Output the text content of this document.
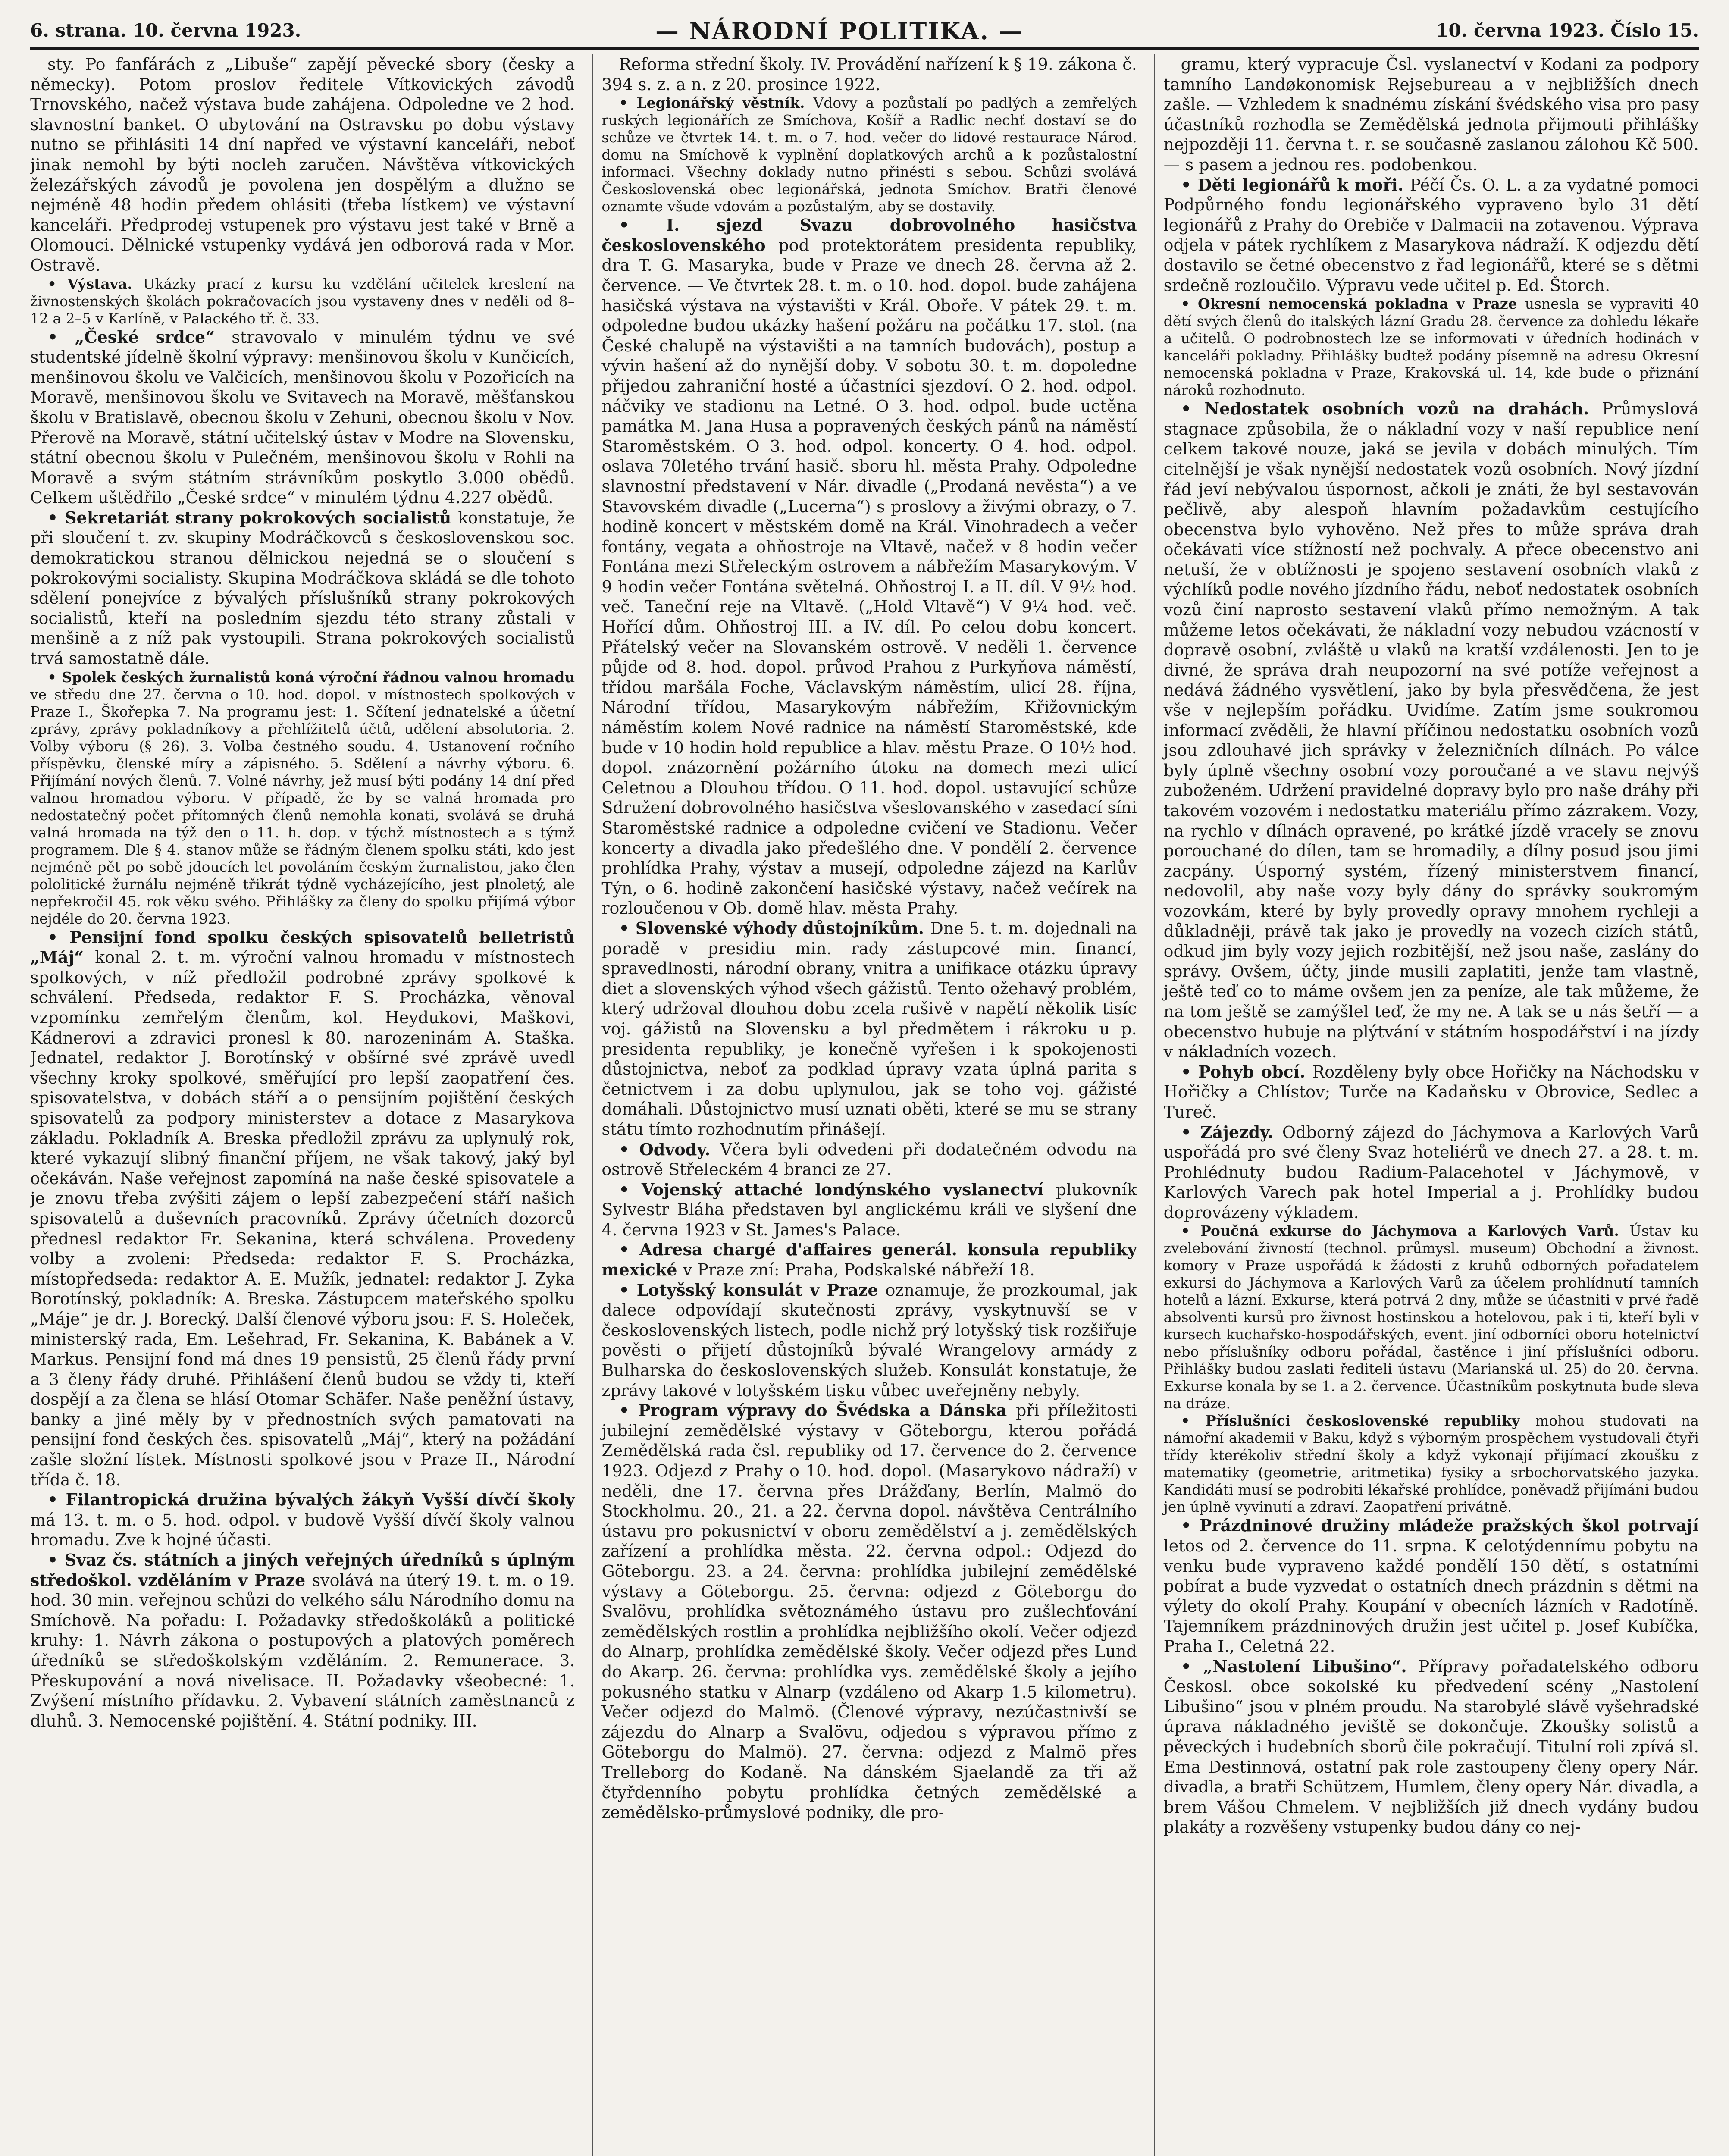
6. strana. 10. června 1923.	— NÁRODNÍ POLITIKA. —	10. června 1923. Číslo 15.

sty. Po fanfárách z „Libuše“ zapějí pěvecké sbory (česky a německy). Potom proslov ředitele Vítkovických závodů Trnovského, načež výstava bude zahájena. Odpoledne ve 2 hod. slavnostní banket. O ubytování na Ostravsku po dobu výstavy nutno se přihlásiti 14 dní napřed ve výstavní kanceláři, neboť jinak nemohl by býti nocleh zaručen. Návštěva vítkovických železářských závodů je povolena jen dospělým a dlužno se nejméně 48 hodin předem ohlásiti (třeba lístkem) ve výstavní kanceláři. Předprodej vstupenek pro výstavu jest také v Brně a Olomouci. Dělnické vstupenky vydává jen odborová rada v Mor. Ostravě.

• Výstava. Ukázky prací z kursu ku vzdělání učitelek kreslení na živnostenských školách pokračovacích jsou vystaveny dnes v neděli od 8–12 a 2–5 v Karlíně, v Palackého tř. č. 33.

• „České srdce“ stravovalo v minulém týdnu ve své studentské jídelně školní výpravy: menšinovou školu v Kunčicích, menšinovou školu ve Valčicích, menšinovou školu v Pozořicích na Moravě, menšinovou školu ve Svitavech na Moravě, měšťanskou školu v Bratislavě, obecnou školu v Zehuni, obecnou školu v Nov. Přerově na Moravě, státní učitelský ústav v Modre na Slovensku, státní obecnou školu v Pulečném, menšinovou školu v Rohli na Moravě a svým státním strávníkům poskytlo 3.000 obědů. Celkem uštědřilo „České srdce“ v minulém týdnu 4.227 obědů.

• Sekretariát strany pokrokových socialistů konstatuje, že při sloučení t. zv. skupiny Modráčkovců s československou soc. demokratickou stranou dělnickou nejedná se o sloučení s pokrokovými socialisty. Skupina Modráčkova skládá se dle tohoto sdělení ponejvíce z bývalých příslušníků strany pokrokových socialistů, kteří na posledním sjezdu této strany zůstali v menšině a z níž pak vystoupili. Strana pokrokových socialistů trvá samostatně dále.

• Spolek českých žurnalistů koná výroční řádnou valnou hromadu ve středu dne 27. června o 10. hod. dopol. v místnostech spolkových v Praze I., Škořepka 7. Na programu jest: 1. Sčítení jednatelské a účetní zprávy, zprávy pokladníkovy a přehlížitelů účtů, udělení absolutoria. 2. Volby výboru (§ 26). 3. Volba čestného soudu. 4. Ustanovení ročního příspěvku, členské míry a zápisného. 5. Sdělení a návrhy výboru. 6. Přijímání nových členů. 7. Volné návrhy, jež musí býti podány 14 dní před valnou hromadou výboru. V případě, že by se valná hromada pro nedostatečný počet přítomných členů nemohla konati, svolává se druhá valná hromada na týž den o 11. h. dop. v týchž místnostech a s týmž programem. Dle § 4. stanov může se řádným členem spolku státi, kdo jest nejméně pět po sobě jdoucích let povoláním českým žurnalistou, jako člen pololitické žurnálu nejméně třikrát týdně vycházejícího, jest plnoletý, ale nepřekročil 45. rok věku svého. Přihlášky za členy do spolku přijímá výbor nejdéle do 20. června 1923.

• Pensijní fond spolku českých spisovatelů belletristů „Máj“ konal 2. t. m. výroční valnou hromadu v místnostech spolkových, v níž předložil podrobné zprávy spolkové k schválení. Předseda, redaktor F. S. Procházka, věnoval vzpomínku zemřelým členům, kol. Heydukovi, Maškovi, Kádnerovi a zdravici pronesl k 80. narozeninám A. Staška. Jednatel, redaktor J. Borotínský v obšírné své zprávě uvedl všechny kroky spolkové, směřující pro lepší zaopatření čes. spisovatelstva, v dobách stáří a o pensijním pojištění českých spisovatelů za podpory ministerstev a dotace z Masarykova základu. Pokladník A. Breska předložil zprávu za uplynulý rok, které vykazují slibný finanční příjem, ne však takový, jaký byl očekáván. Naše veřejnost zapomíná na naše české spisovatele a je znovu třeba zvýšiti zájem o lepší zabezpečení stáří našich spisovatelů a duševních pracovníků. Zprávy účetních dozorců přednesl redaktor Fr. Sekanina, která schválena. Provedeny volby a zvoleni: Předseda: redaktor F. S. Procházka, místopředseda: redaktor A. E. Mužík, jednatel: redaktor J. Zyka Borotínský, pokladník: A. Breska. Zástupcem mateřského spolku „Máje“ je dr. J. Borecký. Další členové výboru jsou: F. S. Holeček, ministerský rada, Em. Lešehrad, Fr. Sekanina, K. Babánek a V. Markus. Pensijní fond má dnes 19 pensistů, 25 členů řády první a 3 členy řády druhé. Přihlášení členů budou se vždy ti, kteří dospějí a za člena se hlásí Otomar Schäfer. Naše peněžní ústavy, banky a jiné měly by v přednostních svých pamatovati na pensijní fond českých čes. spisovatelů „Máj“, který na požádání zašle složní lístek. Místnosti spolkové jsou v Praze II., Národní třída č. 18.

• Filantropická družina bývalých žákyň Vyšší dívčí školy má 13. t. m. o 5. hod. odpol. v budově Vyšší dívčí školy valnou hromadu. Zve k hojné účasti.

• Svaz čs. státních a jiných veřejných úředníků s úplným středoškol. vzděláním v Praze svolává na úterý 19. t. m. o 19. hod. 30 min. veřejnou schůzi do velkého sálu Národního domu na Smíchově. Na pořadu: I. Požadavky středoškoláků a politické kruhy: 1. Návrh zákona o postupových a platových poměrech úředníků se středoškolským vzděláním. 2. Remunerace. 3. Přeskupování a nová nivelisace. II. Požadavky všeobecné: 1. Zvýšení místního přídavku. 2. Vybavení státních zaměstnanců z dluhů. 3. Nemocenské pojištění. 4. Státní podniky. III.

Reforma střední školy. IV. Provádění nařízení k § 19. zákona č. 394 s. z. a n. z 20. prosince 1922.

• Legionářský věstník. Vdovy a pozůstalí po padlých a zemřelých ruských legionářích ze Smíchova, Košíř a Radlic nechť dostaví se do schůze ve čtvrtek 14. t. m. o 7. hod. večer do lidové restaurace Národ. domu na Smíchově k vyplnění doplatkových archů a k pozůstalostní informaci. Všechny doklady nutno přinésti s sebou. Schůzi svolává Československá obec legionářská, jednota Smíchov. Bratři členové oznamte všude vdovám a pozůstalým, aby se dostavily.

• I. sjezd Svazu dobrovolného hasičstva československého pod protektorátem presidenta republiky, dra T. G. Masaryka, bude v Praze ve dnech 28. června až 2. července. — Ve čtvrtek 28. t. m. o 10. hod. dopol. bude zahájena hasičská výstava na výstavišti v Král. Oboře. V pátek 29. t. m. odpoledne budou ukázky hašení požáru na počátku 17. stol. (na České chalupě na výstavišti a na tamních budovách), postup a vývin hašení až do nynější doby. V sobotu 30. t. m. dopoledne přijedou zahraniční hosté a účastníci sjezdoví. O 2. hod. odpol. náčviky ve stadionu na Letné. O 3. hod. odpol. bude uctěna památka M. Jana Husa a popravených českých pánů na náměstí Staroměstském. O 3. hod. odpol. koncerty. O 4. hod. odpol. oslava 70letého trvání hasič. sboru hl. města Prahy. Odpoledne slavnostní představení v Nár. divadle („Prodaná nevěsta“) a ve Stavovském divadle („Lucerna“) s proslovy a živými obrazy, o 7. hodině koncert v městském domě na Král. Vinohradech a večer fontány, vegata a ohňostroje na Vltavě, načež v 8 hodin večer Fontána mezi Střeleckým ostrovem a nábřežím Masarykovým. V 9 hodin večer Fontána světelná. Ohňostroj I. a II. díl. V 9½ hod. več. Taneční reje na Vltavě. („Hold Vltavě“) V 9¼ hod. več. Hořící dům. Ohňostroj III. a IV. díl. Po celou dobu koncert. Přátelský večer na Slovanském ostrově. V neděli 1. července půjde od 8. hod. dopol. průvod Prahou z Purkyňova náměstí, třídou maršála Foche, Václavským náměstím, ulicí 28. října, Národní třídou, Masarykovým nábřežím, Křižovnickým náměstím kolem Nové radnice na náměstí Staroměstské, kde bude v 10 hodin hold republice a hlav. městu Praze. O 10½ hod. dopol. znázornění požárního útoku na domech mezi ulicí Celetnou a Dlouhou třídou. O 11. hod. dopol. ustavující schůze Sdružení dobrovolného hasičstva všeslovanského v zasedací síni Staroměstské radnice a odpoledne cvičení ve Stadionu. Večer koncerty a divadla jako předešlého dne. V pondělí 2. července prohlídka Prahy, výstav a musejí, odpoledne zájezd na Karlův Týn, o 6. hodině zakončení hasičské výstavy, načež večírek na rozloučenou v Ob. domě hlav. města Prahy.

• Slovenské výhody důstojníkům. Dne 5. t. m. dojednali na poradě v presidiu min. rady zástupcové min. financí, spravedlnosti, národní obrany, vnitra a unifikace otázku úpravy diet a slovenských výhod všech gážistů. Tento ožehavý problém, který udržoval dlouhou dobu zcela rušivě v napětí několik tisíc voj. gážistů na Slovensku a byl předmětem i rákroku u p. presidenta republiky, je konečně vyřešen i k spokojenosti důstojnictva, neboť za podklad úpravy vzata úplná parita s četnictvem i za dobu uplynulou, jak se toho voj. gážisté domáhali. Důstojnictvo musí uznati oběti, které se mu se strany státu tímto rozhodnutím přinášejí.

• Odvody. Včera byli odvedeni při dodatečném odvodu na ostrově Střeleckém 4 branci ze 27.

• Vojenský attaché londýnského vyslanectví plukovník Sylvestr Bláha představen byl anglickému králi ve slyšení dne 4. června 1923 v St. James's Palace.

• Adresa chargé d'affaires generál. konsula republiky mexické v Praze zní: Praha, Podskalské nábřeží 18.

• Lotyšský konsulát v Praze oznamuje, že prozkoumal, jak dalece odpovídají skutečnosti zprávy, vyskytnuvší se v československých listech, podle nichž prý lotyšský tisk rozšiřuje pověsti o přijetí důstojníků bývalé Wrangelovy armády z Bulharska do československých služeb. Konsulát konstatuje, že zprávy takové v lotyšském tisku vůbec uveřejněny nebyly.

• Program výpravy do Švédska a Dánska při příležitosti jubilejní zemědělské výstavy v Göteborgu, kterou pořádá Zemědělská rada čsl. republiky od 17. července do 2. července 1923. Odjezd z Prahy o 10. hod. dopol. (Masarykovo nádraží) v neděli, dne 17. června přes Drážďany, Berlín, Malmö do Stockholmu. 20., 21. a 22. června dopol. návštěva Centrálního ústavu pro pokusnictví v oboru zemědělství a j. zemědělských zařízení a prohlídka města. 22. června odpol.: Odjezd do Göteborgu. 23. a 24. června: prohlídka jubilejní zemědělské výstavy a Göteborgu. 25. června: odjezd z Göteborgu do Svalövu, prohlídka světoznámého ústavu pro zušlechťování zemědělských rostlin a prohlídka nejbližšího okolí. Večer odjezd do Alnarp, prohlídka zemědělské školy. Večer odjezd přes Lund do Akarp. 26. června: prohlídka vys. zemědělské školy a jejího pokusného statku v Alnarp (vzdáleno od Akarp 1.5 kilometru). Večer odjezd do Malmö. (Členové výpravy, nezúčastnivší se zájezdu do Alnarp a Svalövu, odjedou s výpravou přímo z Göteborgu do Malmö). 27. června: odjezd z Malmö přes Trelleborg do Kodaně. Na dánském Sjaelandě za tři až čtyřdenního pobytu prohlídka četných zemědělské a zemědělsko-průmyslové podniky, dle pro-

gramu, který vypracuje Čsl. vyslanectví v Kodani za podpory tamního Landøkonomisk Rejsebureau a v nejbližších dnech zašle. — Vzhledem k snadnému získání švédského visa pro pasy účastníků rozhodla se Zemědělská jednota přijmouti přihlášky nejpozději 11. června t. r. se současně zaslanou zálohou Kč 500.— s pasem a jednou res. podobenkou.

• Děti legionářů k moři. Péčí Čs. O. L. a za vydatné pomoci Podpůrného fondu legionářského vypraveno bylo 31 dětí legionářů z Prahy do Orebiče v Dalmacii na zotavenou. Výprava odjela v pátek rychlíkem z Masarykova nádraží. K odjezdu dětí dostavilo se četné obecenstvo z řad legionářů, které se s dětmi srdečně rozloučilo. Výpravu vede učitel p. Ed. Štorch.

• Okresní nemocenská pokladna v Praze usnesla se vypraviti 40 dětí svých členů do italských lázní Gradu 28. července za dohledu lékaře a učitelů. O podrobnostech lze se informovati v úředních hodinách v kanceláři pokladny. Přihlášky budtež podány písemně na adresu Okresní nemocenská pokladna v Praze, Krakovská ul. 14, kde bude o přiznání nároků rozhodnuto.

• Nedostatek osobních vozů na drahách. Průmyslová stagnace způsobila, že o nákladní vozy v naší republice není celkem takové nouze, jaká se jevila v dobách minulých. Tím citelnější je však nynější nedostatek vozů osobních. Nový jízdní řád jeví nebývalou úspornost, ačkoli je znáti, že byl sestavován pečlivě, aby alespoň hlavním požadavkům cestujícího obecenstva bylo vyhověno. Než přes to může správa drah očekávati více stížností než pochvaly. A přece obecenstvo ani netuší, že v obtížnosti je spojeno sestavení osobních vlaků z výchlíků podle nového jízdního řádu, neboť nedostatek osobních vozů činí naprosto sestavení vlaků přímo nemožným. A tak můžeme letos očekávati, že nákladní vozy nebudou vzácností v dopravě osobní, zvláště u vlaků na kratší vzdálenosti. Jen to je divné, že správa drah neupozorní na své potíže veřejnost a nedává žádného vysvětlení, jako by byla přesvědčena, že jest vše v nejlepším pořádku. Uvidíme. Zatím jsme soukromou informací zvěděli, že hlavní příčinou nedostatku osobních vozů jsou zdlouhavé jich správky v železničních dílnách. Po válce byly úplně všechny osobní vozy poroučané a ve stavu nejvýš zuboženém. Udržení pravidelné dopravy bylo pro naše dráhy při takovém vozovém i nedostatku materiálu přímo zázrakem. Vozy, na rychlo v dílnách opravené, po krátké jízdě vracely se znovu porouchané do dílen, tam se hromadily, a dílny posud jsou jimi zacpány. Úsporný systém, řízený ministerstvem financí, nedovolil, aby naše vozy byly dány do správky soukromým vozovkám, které by byly provedly opravy mnohem rychleji a důkladněji, právě tak jako je provedly na vozech cizích států, odkud jim byly vozy jejich rozbitější, než jsou naše, zaslány do správy. Ovšem, účty, jinde musili zaplatiti, jenže tam vlastně, ještě teď co to máme ovšem jen za peníze, ale tak můžeme, že na tom ještě se zamýšlel teď, že my ne. A tak se u nás šetří — a obecenstvo hubuje na plýtvání v státním hospodářství i na jízdy v nákladních vozech.

• Pohyb obcí. Rozděleny byly obce Hořičky na Náchodsku v Hořičky a Chlístov; Turče na Kadaňsku v Obrovice, Sedlec a Tureč.

• Zájezdy. Odborný zájezd do Jáchymova a Karlových Varů uspořádá pro své členy Svaz hoteliérů ve dnech 27. a 28. t. m. Prohlédnuty budou Radium-Palacehotel v Jáchymově, v Karlových Varech pak hotel Imperial a j. Prohlídky budou doprovázeny výkladem.

• Poučná exkurse do Jáchymova a Karlových Varů. Ústav ku zvelebování živností (technol. průmysl. museum) Obchodní a živnost. komory v Praze uspořádá k žádosti z kruhů odborných pořadatelem exkursi do Jáchymova a Karlových Varů za účelem prohlídnutí tamních hotelů a lázní. Exkurse, která potrvá 2 dny, může se účastniti v prvé řadě absolventi kursů pro živnost hostinskou a hotelovou, pak i ti, kteří byli v kursech kuchařsko-hospodářských, event. jiní odborníci oboru hotelnictví nebo příslušníky odboru pořádal, častěnce i jiní příslušníci odboru. Přihlášky budou zaslati řediteli ústavu (Marianská ul. 25) do 20. června. Exkurse konala by se 1. a 2. července. Účastníkům poskytnuta bude sleva na dráze.

• Příslušníci československé republiky mohou studovati na námořní akademii v Baku, když s výborným prospěchem vystudovali čtyři třídy kterékoliv střední školy a když vykonají přijímací zkoušku z matematiky (geometrie, aritmetika) fysiky a srbochorvatského jazyka. Kandidáti musí se podrobiti lékařské prohlídce, poněvadž přijímáni budou jen úplně vyvinutí a zdraví. Zaopatření privátně.

• Prázdninové družiny mládeže pražských škol potrvají letos od 2. července do 11. srpna. K celotýdennímu pobytu na venku bude vypraveno každé pondělí 150 dětí, s ostatními pobírat a bude vyzvedat o ostatních dnech prázdnin s dětmi na výlety do okolí Prahy. Koupání v obecních lázních v Radotíně. Tajemníkem prázdninových družin jest učitel p. Josef Kubíčka, Praha I., Celetná 22.

• „Nastolení Libušino“. Přípravy pořadatelského odboru Českosl. obce sokolské ku předvedení scény „Nastolení Libušino“ jsou v plném proudu. Na starobylé slávě vyšehradské úprava nákladného jeviště se dokončuje. Zkoušky solistů a pěveckých i hudebních sborů čile pokračují. Titulní roli zpívá sl. Ema Destinnová, ostatní pak role zastoupeny členy opery Nár. divadla, a bratři Schützem, Humlem, členy opery Nár. divadla, a brem Vášou Chmelem. V nejbližších již dnech vydány budou plakáty a rozvěšeny vstupenky budou dány co nej-
